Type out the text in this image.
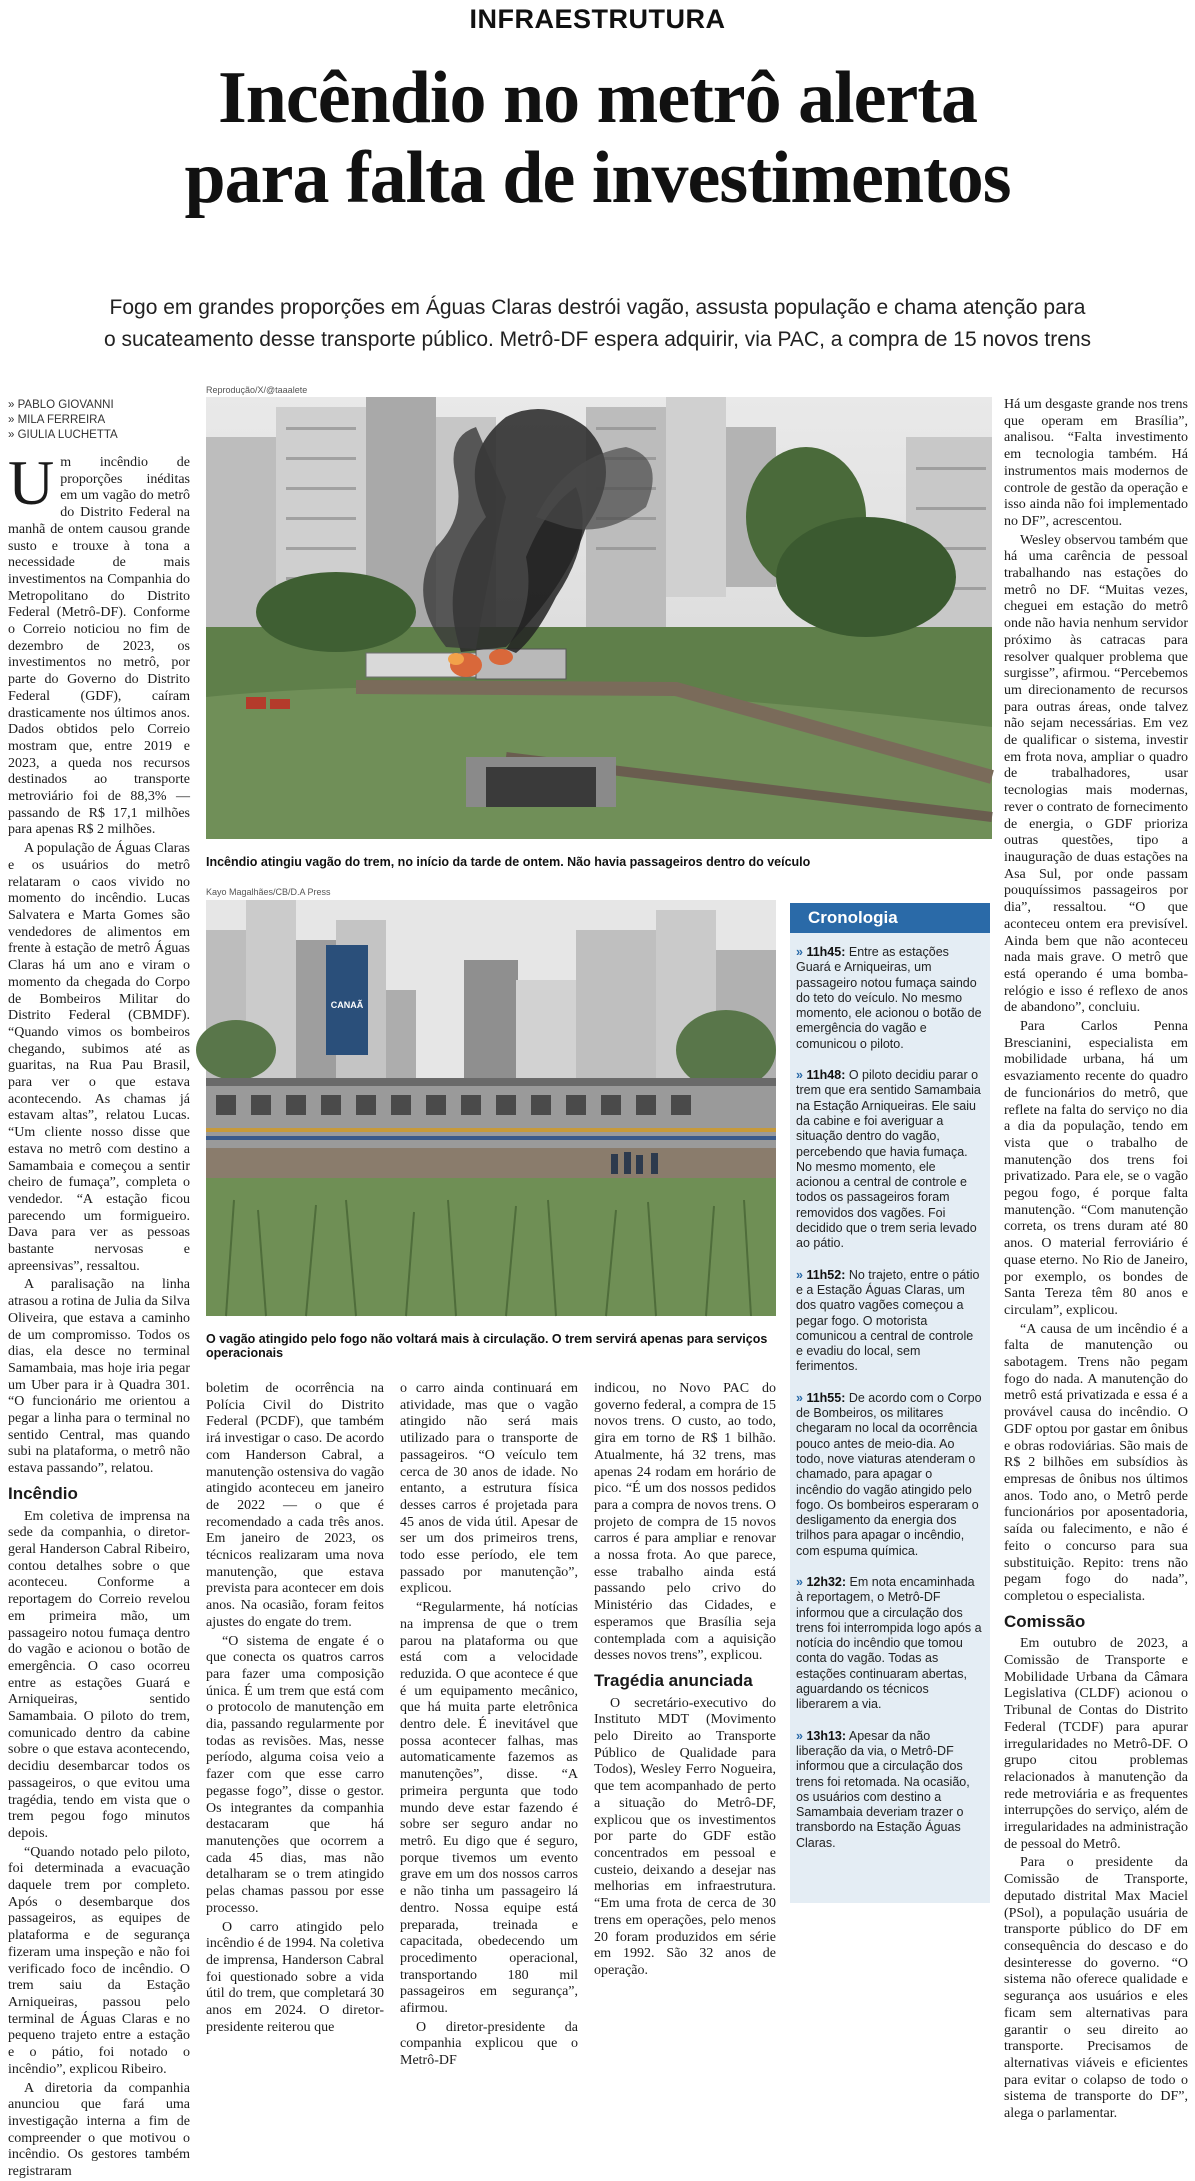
INFRAESTRUTURA
Incêndio no metrô alerta
para falta de investimentos
Fogo em grandes proporções em Águas Claras destrói vagão, assusta população e chama atenção para
o sucateamento desse transporte público. Metrô-DF espera adquirir, via PAC, a compra de 15 novos trens
» PABLO GIOVANNI
» MILA FERREIRA
» GIULIA LUCHETTA

Um incêndio de proporções inéditas em um vagão do metrô do Distrito Federal na manhã de ontem causou grande susto e trouxe à tona a necessidade de mais investimentos na Companhia do Metropolitano do Distrito Federal (Metrô-DF). Conforme o Correio noticiou no fim de dezembro de 2023, os investimentos no metrô, por parte do Governo do Distrito Federal (GDF), caíram drasticamente nos últimos anos. Dados obtidos pelo Correio mostram que, entre 2019 e 2023, a queda nos recursos destinados ao transporte metroviário foi de 88,3% — passando de R$ 17,1 milhões para apenas R$ 2 milhões.

A população de Águas Claras e os usuários do metrô relataram o caos vivido no momento do incêndio. Lucas Salvatera e Marta Gomes são vendedores de alimentos em frente à estação de metrô Águas Claras há um ano e viram o momento da chegada do Corpo de Bombeiros Militar do Distrito Federal (CBMDF). “Quando vimos os bombeiros chegando, subimos até as guaritas, na Rua Pau Brasil, para ver o que estava acontecendo. As chamas já estavam altas”, relatou Lucas. “Um cliente nosso disse que estava no metrô com destino a Samambaia e começou a sentir cheiro de fumaça”, completa o vendedor. “A estação ficou parecendo um formigueiro. Dava para ver as pessoas bastante nervosas e apreensivas”, ressaltou.

A paralisação na linha atrasou a rotina de Julia da Silva Oliveira, que estava a caminho de um compromisso. Todos os dias, ela desce no terminal Samambaia, mas hoje iria pegar um Uber para ir à Quadra 301. “O funcionário me orientou a pegar a linha para o terminal no sentido Central, mas quando subi na plataforma, o metrô não estava passando”, relatou.

Incêndio

Em coletiva de imprensa na sede da companhia, o diretor-geral Handerson Cabral Ribeiro, contou detalhes sobre o que aconteceu. Conforme a reportagem do Correio revelou em primeira mão, um passageiro notou fumaça dentro do vagão e acionou o botão de emergência. O caso ocorreu entre as estações Guará e Arniqueiras, sentido Samambaia. O piloto do trem, comunicado dentro da cabine sobre o que estava acontecendo, decidiu desembarcar todos os passageiros, o que evitou uma tragédia, tendo em vista que o trem pegou fogo minutos depois.

“Quando notado pelo piloto, foi determinada a evacuação daquele trem por completo. Após o desembarque dos passageiros, as equipes de plataforma e de segurança fizeram uma inspeção e não foi verificado foco de incêndio. O trem saiu da Estação Arniqueiras, passou pelo terminal de Águas Claras e no pequeno trajeto entre a estação e o pátio, foi notado o incêndio”, explicou Ribeiro.

A diretoria da companhia anunciou que fará uma investigação interna a fim de compreender o que motivou o incêndio. Os gestores também registraram

Reprodução/X/@taaalete
Incêndio atingiu vagão do trem, no início da tarde de ontem. Não havia passageiros dentro do veículo
Kayo Magalhães/CB/D.A Press
CANAÃ
O vagão atingido pelo fogo não voltará mais à circulação. O trem servirá apenas para serviços operacionais

boletim de ocorrência na Polícia Civil do Distrito Federal (PCDF), que também irá investigar o caso. De acordo com Handerson Cabral, a manutenção ostensiva do vagão atingido aconteceu em janeiro de 2022 — o que é recomendado a cada três anos. Em janeiro de 2023, os técnicos realizaram uma nova manutenção, que estava prevista para acontecer em dois anos. Na ocasião, foram feitos ajustes do engate do trem.

“O sistema de engate é o que conecta os quatros carros para fazer uma composição única. É um trem que está com o protocolo de manutenção em dia, passando regularmente por todas as revisões. Mas, nesse período, alguma coisa veio a fazer com que esse carro pegasse fogo”, disse o gestor. Os integrantes da companhia destacaram que há manutenções que ocorrem a cada 45 dias, mas não detalharam se o trem atingido pelas chamas passou por esse processo.

O carro atingido pelo incêndio é de 1994. Na coletiva de imprensa, Handerson Cabral foi questionado sobre a vida útil do trem, que completará 30 anos em 2024. O diretor-presidente reiterou que

o carro ainda continuará em atividade, mas que o vagão atingido não será mais utilizado para o transporte de passageiros. “O veículo tem cerca de 30 anos de idade. No entanto, a estrutura física desses carros é projetada para 45 anos de vida útil. Apesar de ser um dos primeiros trens, todo esse período, ele tem passado por manutenção”, explicou.

“Regularmente, há notícias na imprensa de que o trem parou na plataforma ou que está com a velocidade reduzida. O que acontece é que é um equipamento mecânico, que há muita parte eletrônica dentro dele. É inevitável que possa acontecer falhas, mas automaticamente fazemos as manutenções”, disse. “A primeira pergunta que todo mundo deve estar fazendo é sobre ser seguro andar no metrô. Eu digo que é seguro, porque tivemos um evento grave em um dos nossos carros e não tinha um passageiro lá dentro. Nossa equipe está preparada, treinada e capacitada, obedecendo um procedimento operacional, transportando 180 mil passageiros em segurança”, afirmou.

O diretor-presidente da companhia explicou que o Metrô-DF

indicou, no Novo PAC do governo federal, a compra de 15 novos trens. O custo, ao todo, gira em torno de R$ 1 bilhão. Atualmente, há 32 trens, mas apenas 24 rodam em horário de pico. “É um dos nossos pedidos para a compra de novos trens. O projeto de compra de 15 novos carros é para ampliar e renovar a nossa frota. Ao que parece, esse trabalho ainda está passando pelo crivo do Ministério das Cidades, e esperamos que Brasília seja contemplada com a aquisição desses novos trens”, explicou.

Tragédia anunciada

O secretário-executivo do Instituto MDT (Movimento pelo Direito ao Transporte Público de Qualidade para Todos), Wesley Ferro Nogueira, que tem acompanhado de perto a situação do Metrô-DF, explicou que os investimentos por parte do GDF estão concentrados em pessoal e custeio, deixando a desejar nas melhorias em infraestrutura. “Em uma frota de cerca de 30 trens em operações, pelo menos 20 foram produzidos em série em 1992. São 32 anos de operação.

Cronologia
» 11h45: Entre as estações Guará e Arniqueiras, um passageiro notou fumaça saindo do teto do veículo. No mesmo momento, ele acionou o botão de emergência do vagão e comunicou o piloto.
» 11h48: O piloto decidiu parar o trem que era sentido Samambaia na Estação Arniqueiras. Ele saiu da cabine e foi averiguar a situação dentro do vagão, percebendo que havia fumaça. No mesmo momento, ele acionou a central de controle e todos os passageiros foram removidos dos vagões. Foi decidido que o trem seria levado ao pátio.
» 11h52: No trajeto, entre o pátio e a Estação Águas Claras, um dos quatro vagões começou a pegar fogo. O motorista comunicou a central de controle e evadiu do local, sem ferimentos.
» 11h55: De acordo com o Corpo de Bombeiros, os militares chegaram no local da ocorrência pouco antes de meio-dia. Ao todo, nove viaturas atenderam o chamado, para apagar o incêndio do vagão atingido pelo fogo. Os bombeiros esperaram o desligamento da energia dos trilhos para apagar o incêndio, com espuma química.
» 12h32: Em nota encaminhada à reportagem, o Metrô-DF informou que a circulação dos trens foi interrompida logo após a notícia do incêndio que tomou conta do vagão. Todas as estações continuaram abertas, aguardando os técnicos liberarem a via.
» 13h13: Apesar da não liberação da via, o Metrô-DF informou que a circulação dos trens foi retomada. Na ocasião, os usuários com destino a Samambaia deveriam trazer o transbordo na Estação Águas Claras.

Há um desgaste grande nos trens que operam em Brasília”, analisou. “Falta investimento em tecnologia também. Há instrumentos mais modernos de controle de gestão da operação e isso ainda não foi implementado no DF”, acrescentou.

Wesley observou também que há uma carência de pessoal trabalhando nas estações do metrô no DF. “Muitas vezes, cheguei em estação do metrô onde não havia nenhum servidor próximo às catracas para resolver qualquer problema que surgisse”, afirmou. “Percebemos um direcionamento de recursos para outras áreas, onde talvez não sejam necessárias. Em vez de qualificar o sistema, investir em frota nova, ampliar o quadro de trabalhadores, usar tecnologias mais modernas, rever o contrato de fornecimento de energia, o GDF prioriza outras questões, tipo a inauguração de duas estações na Asa Sul, por onde passam pouquíssimos passageiros por dia”, ressaltou. “O que aconteceu ontem era previsível. Ainda bem que não aconteceu nada mais grave. O metrô que está operando é uma bomba-relógio e isso é reflexo de anos de abandono”, concluiu.

Para Carlos Penna Brescianini, especialista em mobilidade urbana, há um esvaziamento recente do quadro de funcionários do metrô, que reflete na falta do serviço no dia a dia da população, tendo em vista que o trabalho de manutenção dos trens foi privatizado. Para ele, se o vagão pegou fogo, é porque falta manutenção. “Com manutenção correta, os trens duram até 80 anos. O material ferroviário é quase eterno. No Rio de Janeiro, por exemplo, os bondes de Santa Tereza têm 80 anos e circulam”, explicou.

“A causa de um incêndio é a falta de manutenção ou sabotagem. Trens não pegam fogo do nada. A manutenção do metrô está privatizada e essa é a provável causa do incêndio. O GDF optou por gastar em ônibus e obras rodoviárias. São mais de R$ 2 bilhões em subsídios às empresas de ônibus nos últimos anos. Todo ano, o Metrô perde funcionários por aposentadoria, saída ou falecimento, e não é feito o concurso para sua substituição. Repito: trens não pegam fogo do nada”, completou o especialista.

Comissão

Em outubro de 2023, a Comissão de Transporte e Mobilidade Urbana da Câmara Legislativa (CLDF) acionou o Tribunal de Contas do Distrito Federal (TCDF) para apurar irregularidades no Metrô-DF. O grupo citou problemas relacionados à manutenção da rede metroviária e as frequentes interrupções do serviço, além de irregularidades na administração de pessoal do Metrô.

Para o presidente da Comissão de Transporte, deputado distrital Max Maciel (PSol), a população usuária de transporte público do DF em consequência do descaso e do desinteresse do governo. “O sistema não oferece qualidade e segurança aos usuários e eles ficam sem alternativas para garantir o seu direito ao transporte. Precisamos de alternativas viáveis e eficientes para evitar o colapso de todo o sistema de transporte do DF”, alega o parlamentar.
